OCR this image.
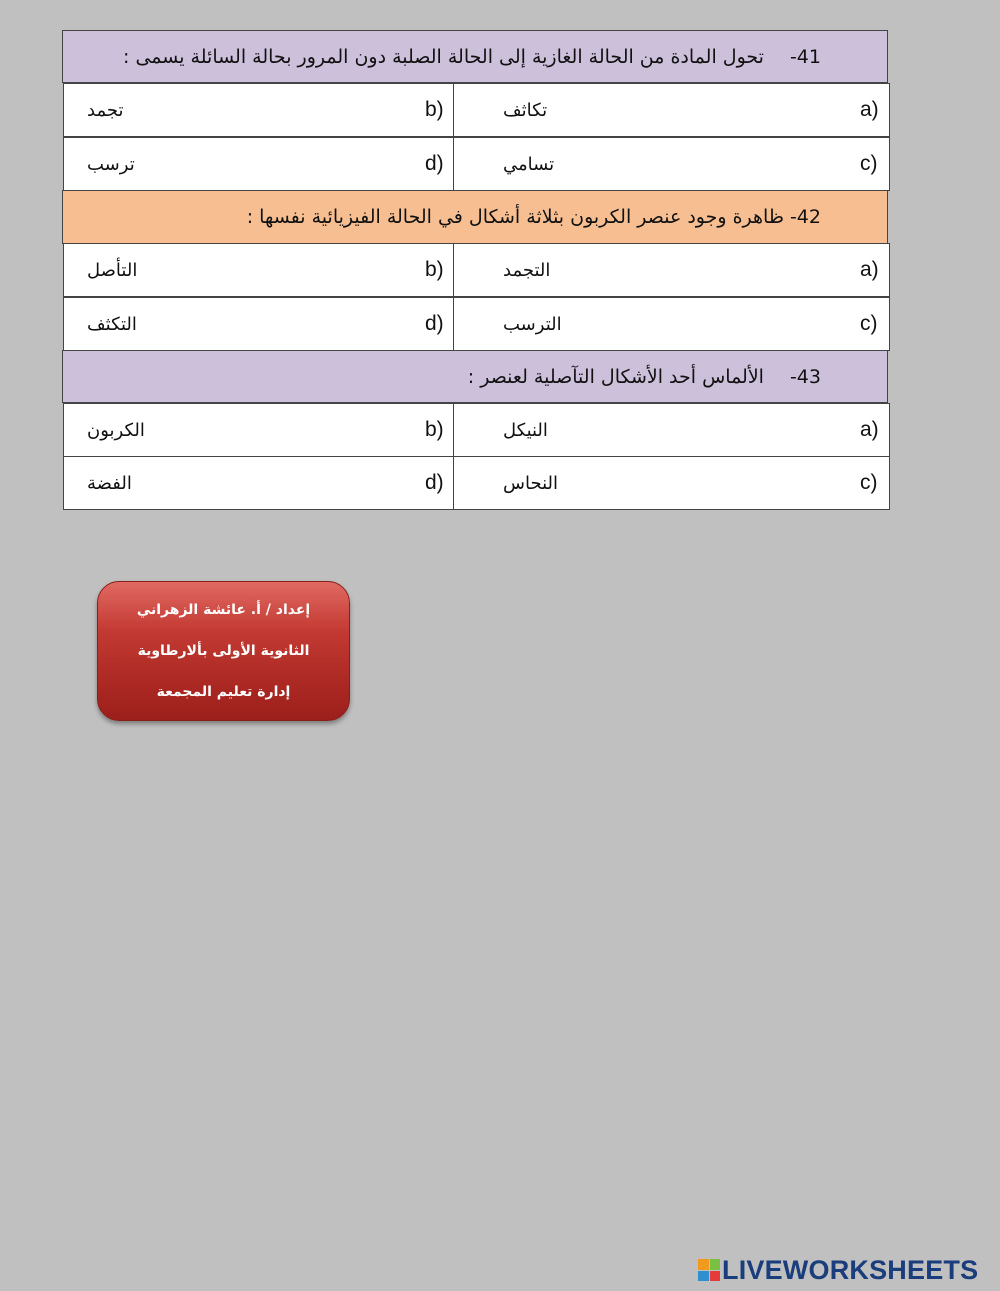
-41
تحول المادة من الحالة الغازية إلى الحالة الصلبة دون المرور بحالة السائلة يسمى :
a)
تكاثف
b)
تجمد
c)
تسامي
d)
ترسب
-42
ظاهرة وجود عنصر الكربون بثلاثة أشكال في الحالة الفيزيائية نفسها :
a)
التجمد
b)
التأصل
c)
الترسب
d)
التكثف
-43
الألماس أحد الأشكال التآصلية لعنصر :
a)
النيكل
b)
الكربون
c)
النحاس
d)
الفضة
إعداد / أ. عائشة الزهراني
الثانوية الأولى بألارطاوية
إدارة تعليم المجمعة
LIVEWORKSHEETS
